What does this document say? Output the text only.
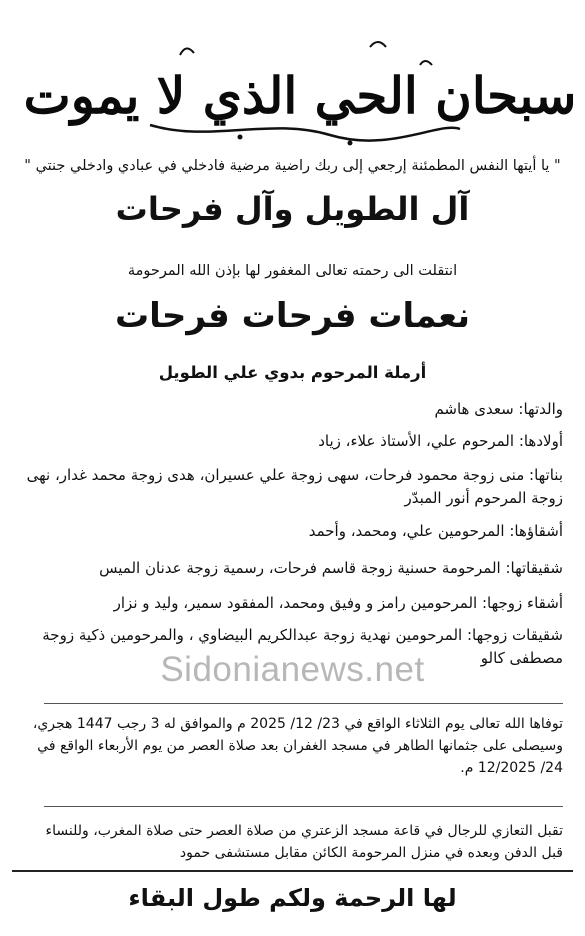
سبحان الحي الذي لا يموت
" يا أيتها النفس المطمئنة إرجعي إلى ربك راضية مرضية فادخلي في عبادي وادخلي جنتي "
آل الطويل وآل فرحات
انتقلت الى رحمته تعالى المغفور لها بإذن الله المرحومة
نعمات فرحات فرحات
أرملة المرحوم بدوي علي الطويل
والدتها: سعدى هاشم
أولادها: المرحوم علي، الأستاذ علاء، زياد
بناتها: منى زوجة محمود فرحات، سهى زوجة علي عسيران، هدى زوجة محمد غدار، نهى زوجة المرحوم أنور المبدّر
أشقاؤها: المرحومين علي، ومحمد، وأحمد
شقيقاتها: المرحومة حسنية زوجة قاسم فرحات، رسمية زوجة عدنان الميس
أشقاء زوجها: المرحومين رامز و وفيق ومحمد، المفقود سمير، وليد و نزار
شقيقات زوجها: المرحومين نهدية زوجة عبدالكريم البيضاوي ، والمرحومين ذكية زوجة مصطفى كالو
Sidonianews.net
توفاها الله تعالى يوم الثلاثاء الواقع في 23/ 12/ 2025 م والموافق له 3 رجب 1447 هجري، وسيصلى على جثمانها الطاهر في مسجد الغفران بعد صلاة العصر من يوم الأربعاء الواقع في 24/ 12/2025 م.
تقبل التعازي للرجال في قاعة مسجد الزعتري من صلاة العصر حتى صلاة المغرب، وللنساء قبل الدفن وبعده في منزل المرحومة الكائن مقابل مستشفى حمود
لها الرحمة ولكم طول البقاء
